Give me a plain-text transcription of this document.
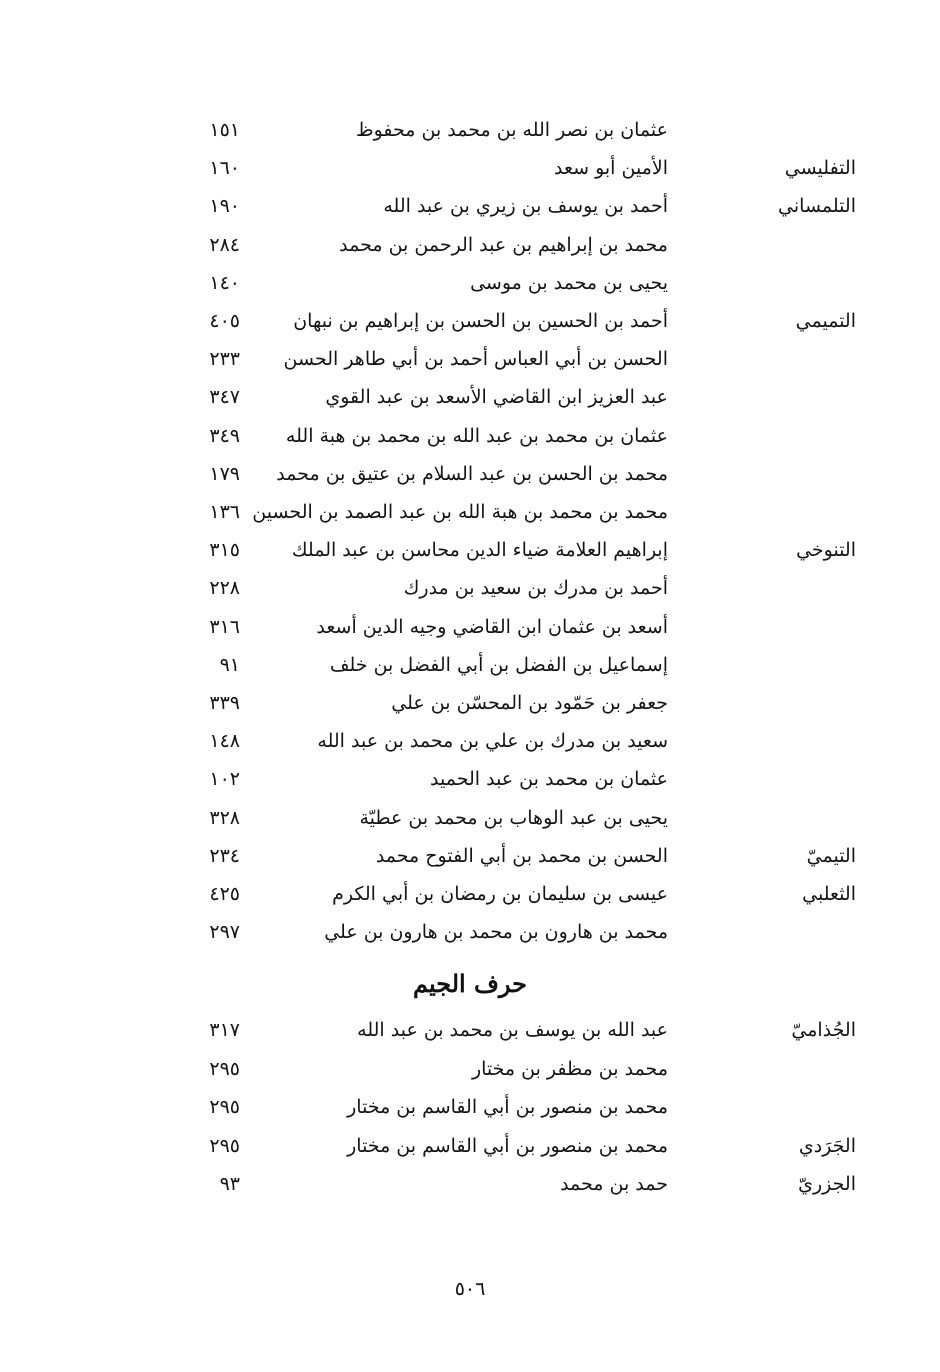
عثمان بن نصر الله بن محمد بن محفوظ
١٥١
التفليسي
الأمين أبو سعد
١٦٠
التلمساني
أحمد بن يوسف بن زيري بن عبد الله
١٩٠
محمد بن إبراهيم بن عبد الرحمن بن محمد
٢٨٤
يحيى بن محمد بن موسى
١٤٠
التميمي
أحمد بن الحسين بن الحسن بن إبراهيم بن نبهان
٤٠٥
الحسن بن أبي العباس أحمد بن أبي طاهر الحسن
٢٣٣
عبد العزيز ابن القاضي الأسعد بن عبد القوي
٣٤٧
عثمان بن محمد بن عبد الله بن محمد بن هبة الله
٣٤٩
محمد بن الحسن بن عبد السلام بن عتيق بن محمد
١٧٩
محمد بن محمد بن هبة الله بن عبد الصمد بن الحسين
١٣٦
التنوخي
إبراهيم العلامة ضياء الدين محاسن بن عبد الملك
٣١٥
أحمد بن مدرك بن سعيد بن مدرك
٢٢٨
أسعد بن عثمان ابن القاضي وجيه الدين أسعد
٣١٦
إسماعيل بن الفضل بن أبي الفضل بن خلف
٩١
جعفر بن حَمّود بن المحسّن بن علي
٣٣٩
سعيد بن مدرك بن علي بن محمد بن عبد الله
١٤٨
عثمان بن محمد بن عبد الحميد
١٠٢
يحيى بن عبد الوهاب بن محمد بن عطيّة
٣٢٨
التيميّ
الحسن بن محمد بن أبي الفتوح محمد
٢٣٤
الثعلبي
عيسى بن سليمان بن رمضان بن أبي الكرم
٤٢٥
محمد بن هارون بن محمد بن هارون بن علي
٢٩٧
حرف الجيم
الجُذاميّ
عبد الله بن يوسف بن محمد بن عبد الله
٣١٧
محمد بن مظفر بن مختار
٢٩٥
محمد بن منصور بن أبي القاسم بن مختار
٢٩٥
الجَرَدي
محمد بن منصور بن أبي القاسم بن مختار
٢٩٥
الجزريّ
حمد بن محمد
٩٣
٥٠٦
